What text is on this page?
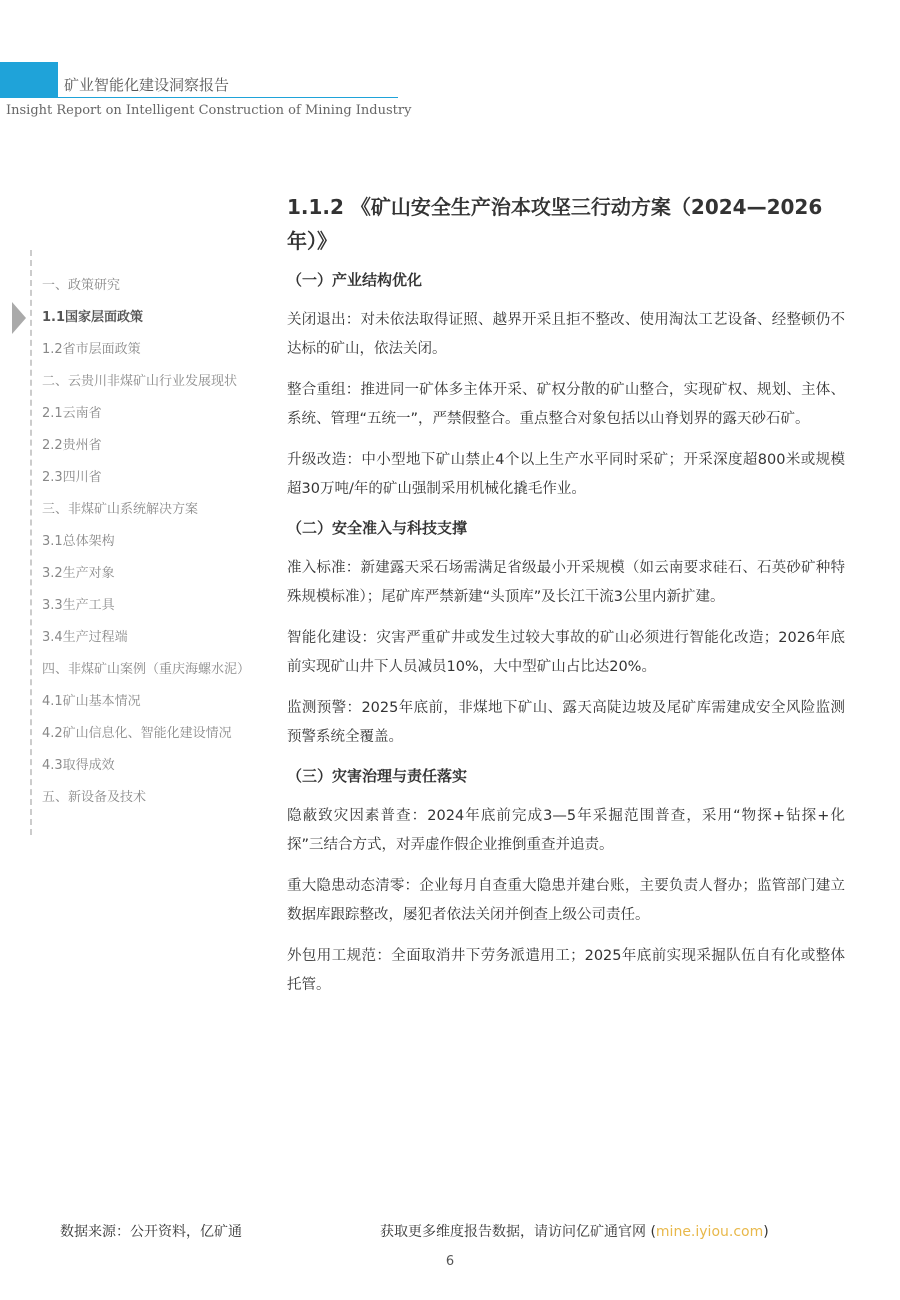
矿业智能化建设洞察报告
Insight Report on Intelligent Construction of Mining Industry
一、政策研究
1.1国家层面政策
1.2省市层面政策
二、云贵川非煤矿山行业发展现状
2.1云南省
2.2贵州省
2.3四川省
三、非煤矿山系统解决方案
3.1总体架构
3.2生产对象
3.3生产工具
3.4生产过程端
四、非煤矿山案例（重庆海螺水泥）
4.1矿山基本情况
4.2矿山信息化、智能化建设情况
4.3取得成效
五、新设备及技术
1.1.2 《矿山安全生产治本攻坚三行动方案（2024—2026年）》
（一）产业结构优化

关闭退出：对未依法取得证照、越界开采且拒不整改、使用淘汰工艺设备、经整顿仍不达标的矿山，依法关闭。

整合重组：推进同一矿体多主体开采、矿权分散的矿山整合，实现矿权、规划、主体、系统、管理“五统一”，严禁假整合。重点整合对象包括以山脊划界的露天砂石矿。

升级改造：中小型地下矿山禁止4个以上生产水平同时采矿；开采深度超800米或规模超30万吨/年的矿山强制采用机械化撬毛作业。

（二）安全准入与科技支撑

准入标准：新建露天采石场需满足省级最小开采规模（如云南要求硅石、石英砂矿种特殊规模标准）；尾矿库严禁新建“头顶库”及长江干流3公里内新扩建。

智能化建设：灾害严重矿井或发生过较大事故的矿山必须进行智能化改造；2026年底前实现矿山井下人员减员10%，大中型矿山占比达20%。

监测预警：2025年底前，非煤地下矿山、露天高陡边坡及尾矿库需建成安全风险监测预警系统全覆盖。

（三）灾害治理与责任落实

隐蔽致灾因素普查：2024年底前完成3—5年采掘范围普查，采用“物探+钻探+化探”三结合方式，对弄虚作假企业推倒重查并追责。

重大隐患动态清零：企业每月自查重大隐患并建台账，主要负责人督办；监管部门建立数据库跟踪整改，屡犯者依法关闭并倒查上级公司责任。

外包用工规范：全面取消井下劳务派遣用工；2025年底前实现采掘队伍自有化或整体托管。

数据来源：公开资料，亿矿通	获取更多维度报告数据，请访问亿矿通官网 (mine.iyiou.com)
6
